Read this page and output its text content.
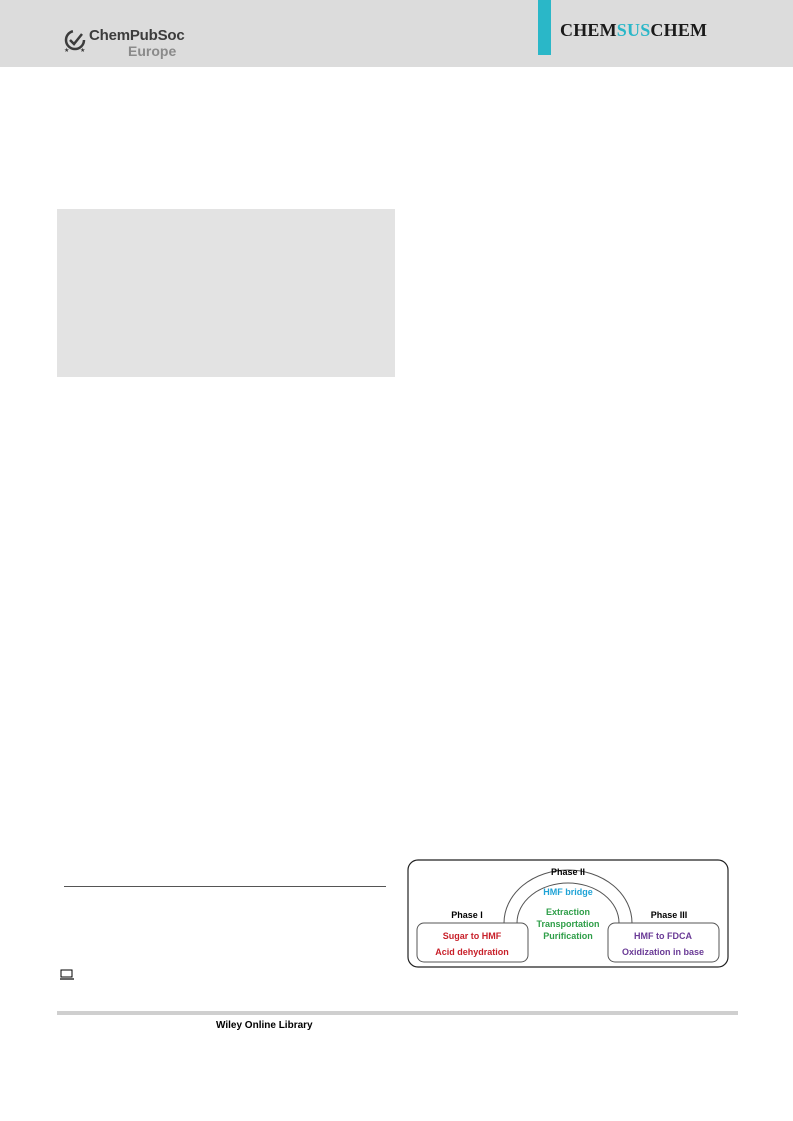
★ ★
ChemPubSoc
Europe
CHEMSUSCHEM
Phase II
HMF bridge
Extraction
Transportation
Purification
Phase I
Sugar to HMF
Acid dehydration
Phase III
HMF to FDCA
Oxidization in base
Wiley Online Library
